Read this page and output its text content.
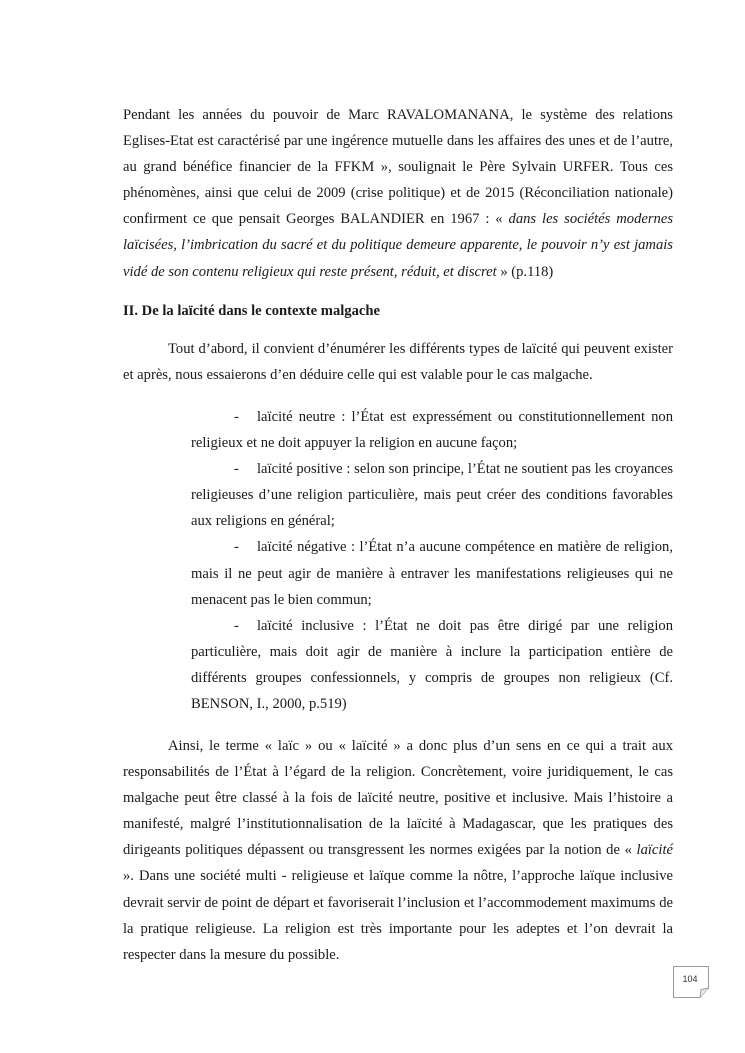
Pendant les années du pouvoir de Marc RAVALOMANANA, le système des relations Eglises-Etat est caractérisé par une ingérence mutuelle dans les affaires des unes et de l’autre, au grand bénéfice financier de la FFKM », soulignait le Père Sylvain URFER. Tous ces phénomènes, ainsi que celui de 2009 (crise politique) et de 2015 (Réconciliation nationale) confirment ce que pensait Georges BALANDIER en 1967 : « dans les sociétés modernes laïcisées, l’imbrication du sacré et du politique demeure apparente, le pouvoir n’y est jamais vidé de son contenu religieux qui reste présent, réduit, et discret » (p.118)

II. De la laïcité dans le contexte malgache

Tout d’abord, il convient d’énumérer les différents types de laïcité qui peuvent exister et après, nous essaierons d’en déduire celle qui est valable pour le cas malgache.

- laïcité neutre : l’État est expressément ou constitutionnellement non religieux et ne doit appuyer la religion en aucune façon;

- laïcité positive : selon son principe, l’État ne soutient pas les croyances religieuses d’une religion particulière, mais peut créer des conditions favorables aux religions en général;

- laïcité négative : l’État n’a aucune compétence en matière de religion, mais il ne peut agir de manière à entraver les manifestations religieuses qui ne menacent pas le bien commun;

- laïcité inclusive : l’État ne doit pas être dirigé par une religion particulière, mais doit agir de manière à inclure la participation entière de différents groupes confessionnels, y compris de groupes non religieux (Cf. BENSON, I., 2000, p.519)

Ainsi, le terme « laïc » ou « laïcité » a donc plus d’un sens en ce qui a trait aux responsabilités de l’État à l’égard de la religion. Concrètement, voire juridiquement, le cas malgache peut être classé à la fois de laïcité neutre, positive et inclusive. Mais l’histoire a manifesté, malgré l’institutionnalisation de la laïcité à Madagascar, que les pratiques des dirigeants politiques dépassent ou transgressent les normes exigées par la notion de « laïcité ». Dans une société multi - religieuse et laïque comme la nôtre, l’approche laïque inclusive devrait servir de point de départ et favoriserait l’inclusion et l’accommodement maximums de la pratique religieuse. La religion est très importante pour les adeptes et l’on devrait la respecter dans la mesure du possible.

104
